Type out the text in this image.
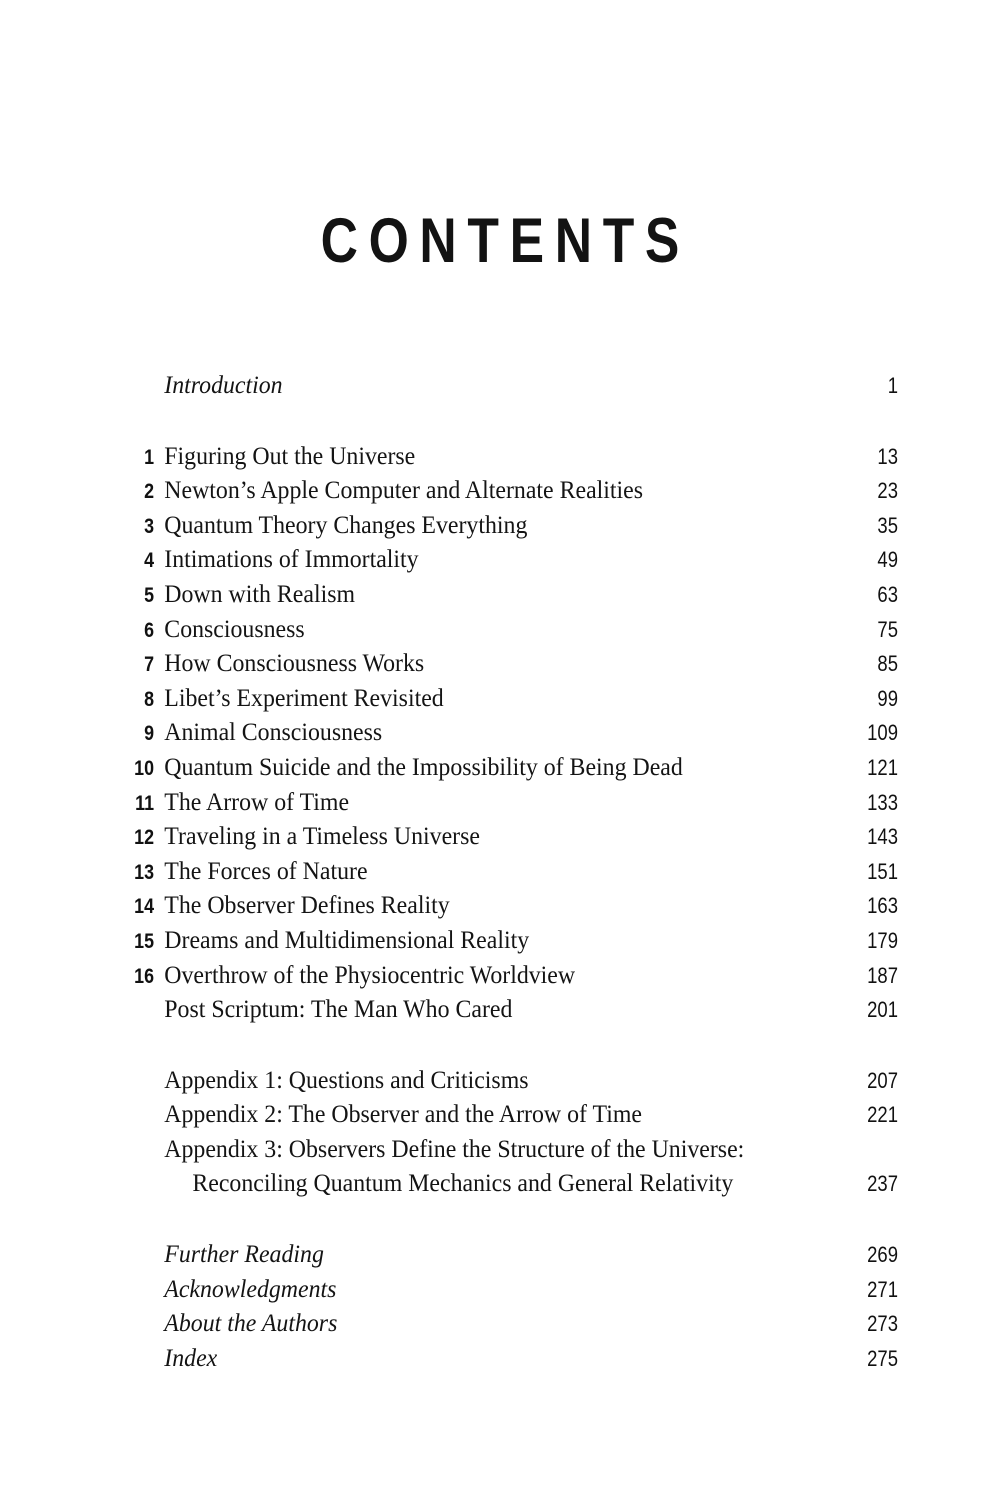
CONTENTS
Introduction	1
1 Figuring Out the Universe	13
2 Newton’s Apple Computer and Alternate Realities	23
3 Quantum Theory Changes Everything	35
4 Intimations of Immortality	49
5 Down with Realism	63
6 Consciousness	75
7 How Consciousness Works	85
8 Libet’s Experiment Revisited	99
9 Animal Consciousness	109
10 Quantum Suicide and the Impossibility of Being Dead	121
11 The Arrow of Time	133
12 Traveling in a Timeless Universe	143
13 The Forces of Nature	151
14 The Observer Defines Reality	163
15 Dreams and Multidimensional Reality	179
16 Overthrow of the Physiocentric Worldview	187
Post Scriptum: The Man Who Cared	201
Appendix 1: Questions and Criticisms	207
Appendix 2: The Observer and the Arrow of Time	221
Appendix 3: Observers Define the Structure of the Universe:
Reconciling Quantum Mechanics and General Relativity	237
Further Reading	269
Acknowledgments	271
About the Authors	273
Index	275
